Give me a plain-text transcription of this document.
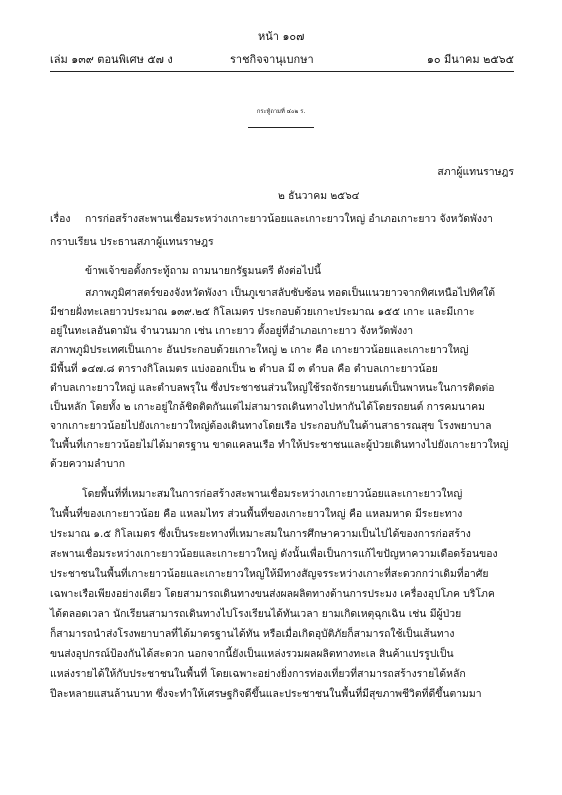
หน้า ๑๐๗
เล่ม ๑๓๙ ตอนพิเศษ ๕๗ ง	ราชกิจจานุเบกษา	๑๐ มีนาคม ๒๕๖๕
กระทู้ถามที่ ๔๐๒ ร.
สภาผู้แทนราษฎร
๒ ธันวาคม ๒๕๖๔
เรื่อง การก่อสร้างสะพานเชื่อมระหว่างเกาะยาวน้อยและเกาะยาวใหญ่ อำเภอเกาะยาว จังหวัดพังงา
กราบเรียน ประธานสภาผู้แทนราษฎร
ข้าพเจ้าขอตั้งกระทู้ถาม ถามนายกรัฐมนตรี ดังต่อไปนี้
สภาพภูมิศาสตร์ของจังหวัดพังงา เป็นภูเขาสลับซับซ้อน ทอดเป็นแนวยาวจากทิศเหนือไปทิศใต้
มีชายฝั่งทะเลยาวประมาณ ๑๓๙.๒๕ กิโลเมตร ประกอบด้วยเกาะประมาณ ๑๕๕ เกาะ และมีเกาะ
อยู่ในทะเลอันดามัน จำนวนมาก เช่น เกาะยาว ตั้งอยู่ที่อำเภอเกาะยาว จังหวัดพังงา
สภาพภูมิประเทศเป็นเกาะ อันประกอบด้วยเกาะใหญ่ ๒ เกาะ คือ เกาะยาวน้อยและเกาะยาวใหญ่
มีพื้นที่ ๑๔๗.๘ ตารางกิโลเมตร แบ่งออกเป็น ๒ ตำบล มี ๓ ตำบล คือ ตำบลเกาะยาวน้อย
ตำบลเกาะยาวใหญ่ และตำบลพรุใน ซึ่งประชาชนส่วนใหญ่ใช้รถจักรยานยนต์เป็นพาหนะในการติดต่อ
เป็นหลัก โดยทั้ง ๒ เกาะอยู่ใกล้ชิดติดกันแต่ไม่สามารถเดินทางไปหากันได้โดยรถยนต์ การคมนาคม
จากเกาะยาวน้อยไปยังเกาะยาวใหญ่ต้องเดินทางโดยเรือ ประกอบกับในด้านสาธารณสุข โรงพยาบาล
ในพื้นที่เกาะยาวน้อยไม่ได้มาตรฐาน ขาดแคลนเรือ ทำให้ประชาชนและผู้ป่วยเดินทางไปยังเกาะยาวใหญ่
ด้วยความลำบาก
โดยพื้นที่ที่เหมาะสมในการก่อสร้างสะพานเชื่อมระหว่างเกาะยาวน้อยและเกาะยาวใหญ่
ในพื้นที่ของเกาะยาวน้อย คือ แหลมไทร ส่วนพื้นที่ของเกาะยาวใหญ่ คือ แหลมหาด มีระยะทาง
ประมาณ ๑.๕ กิโลเมตร ซึ่งเป็นระยะทางที่เหมาะสมในการศึกษาความเป็นไปได้ของการก่อสร้าง
สะพานเชื่อมระหว่างเกาะยาวน้อยและเกาะยาวใหญ่ ดังนั้นเพื่อเป็นการแก้ไขปัญหาความเดือดร้อนของ
ประชาชนในพื้นที่เกาะยาวน้อยและเกาะยาวใหญ่ให้มีทางสัญจรระหว่างเกาะที่สะดวกกว่าเดิมที่อาศัย
เฉพาะเรือเพียงอย่างเดียว โดยสามารถเดินทางขนส่งผลผลิตทางด้านการประมง เครื่องอุปโภค บริโภค
ได้ตลอดเวลา นักเรียนสามารถเดินทางไปโรงเรียนได้ทันเวลา ยามเกิดเหตุฉุกเฉิน เช่น มีผู้ป่วย
ก็สามารถนำส่งโรงพยาบาลที่ได้มาตรฐานได้ทัน หรือเมื่อเกิดอุบัติภัยก็สามารถใช้เป็นเส้นทาง
ขนส่งอุปกรณ์ป้องกันได้สะดวก นอกจากนี้ยังเป็นแหล่งรวมผลผลิตทางทะเล สินค้าแปรรูปเป็น
แหล่งรายได้ให้กับประชาชนในพื้นที่ โดยเฉพาะอย่างยิ่งการท่องเที่ยวที่สามารถสร้างรายได้หลัก
ปีละหลายแสนล้านบาท ซึ่งจะทำให้เศรษฐกิจดีขึ้นและประชาชนในพื้นที่มีสุขภาพชีวิตที่ดีขึ้นตามมา
